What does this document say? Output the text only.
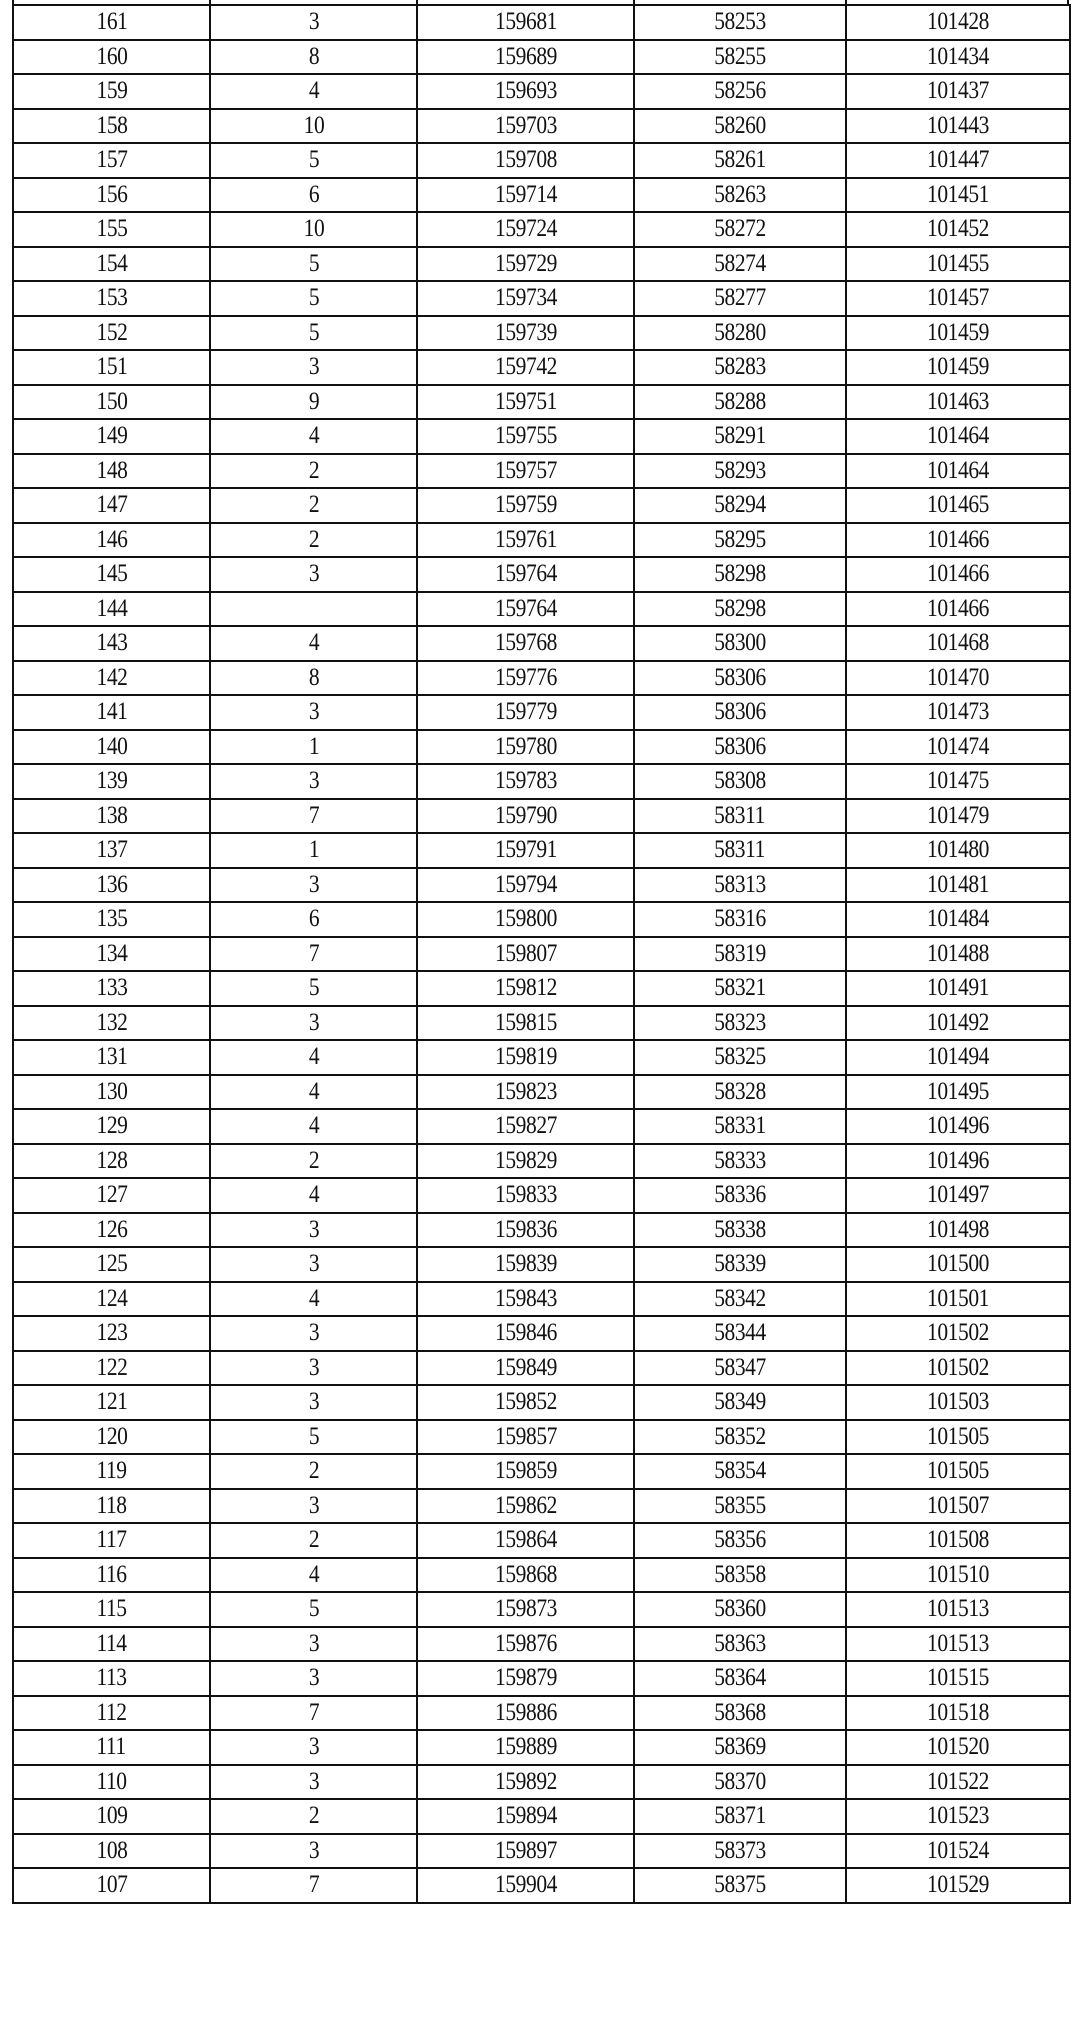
161	3	159681	58253	101428
160	8	159689	58255	101434
159	4	159693	58256	101437
158	10	159703	58260	101443
157	5	159708	58261	101447
156	6	159714	58263	101451
155	10	159724	58272	101452
154	5	159729	58274	101455
153	5	159734	58277	101457
152	5	159739	58280	101459
151	3	159742	58283	101459
150	9	159751	58288	101463
149	4	159755	58291	101464
148	2	159757	58293	101464
147	2	159759	58294	101465
146	2	159761	58295	101466
145	3	159764	58298	101466
144		159764	58298	101466
143	4	159768	58300	101468
142	8	159776	58306	101470
141	3	159779	58306	101473
140	1	159780	58306	101474
139	3	159783	58308	101475
138	7	159790	58311	101479
137	1	159791	58311	101480
136	3	159794	58313	101481
135	6	159800	58316	101484
134	7	159807	58319	101488
133	5	159812	58321	101491
132	3	159815	58323	101492
131	4	159819	58325	101494
130	4	159823	58328	101495
129	4	159827	58331	101496
128	2	159829	58333	101496
127	4	159833	58336	101497
126	3	159836	58338	101498
125	3	159839	58339	101500
124	4	159843	58342	101501
123	3	159846	58344	101502
122	3	159849	58347	101502
121	3	159852	58349	101503
120	5	159857	58352	101505
119	2	159859	58354	101505
118	3	159862	58355	101507
117	2	159864	58356	101508
116	4	159868	58358	101510
115	5	159873	58360	101513
114	3	159876	58363	101513
113	3	159879	58364	101515
112	7	159886	58368	101518
111	3	159889	58369	101520
110	3	159892	58370	101522
109	2	159894	58371	101523
108	3	159897	58373	101524
107	7	159904	58375	101529
